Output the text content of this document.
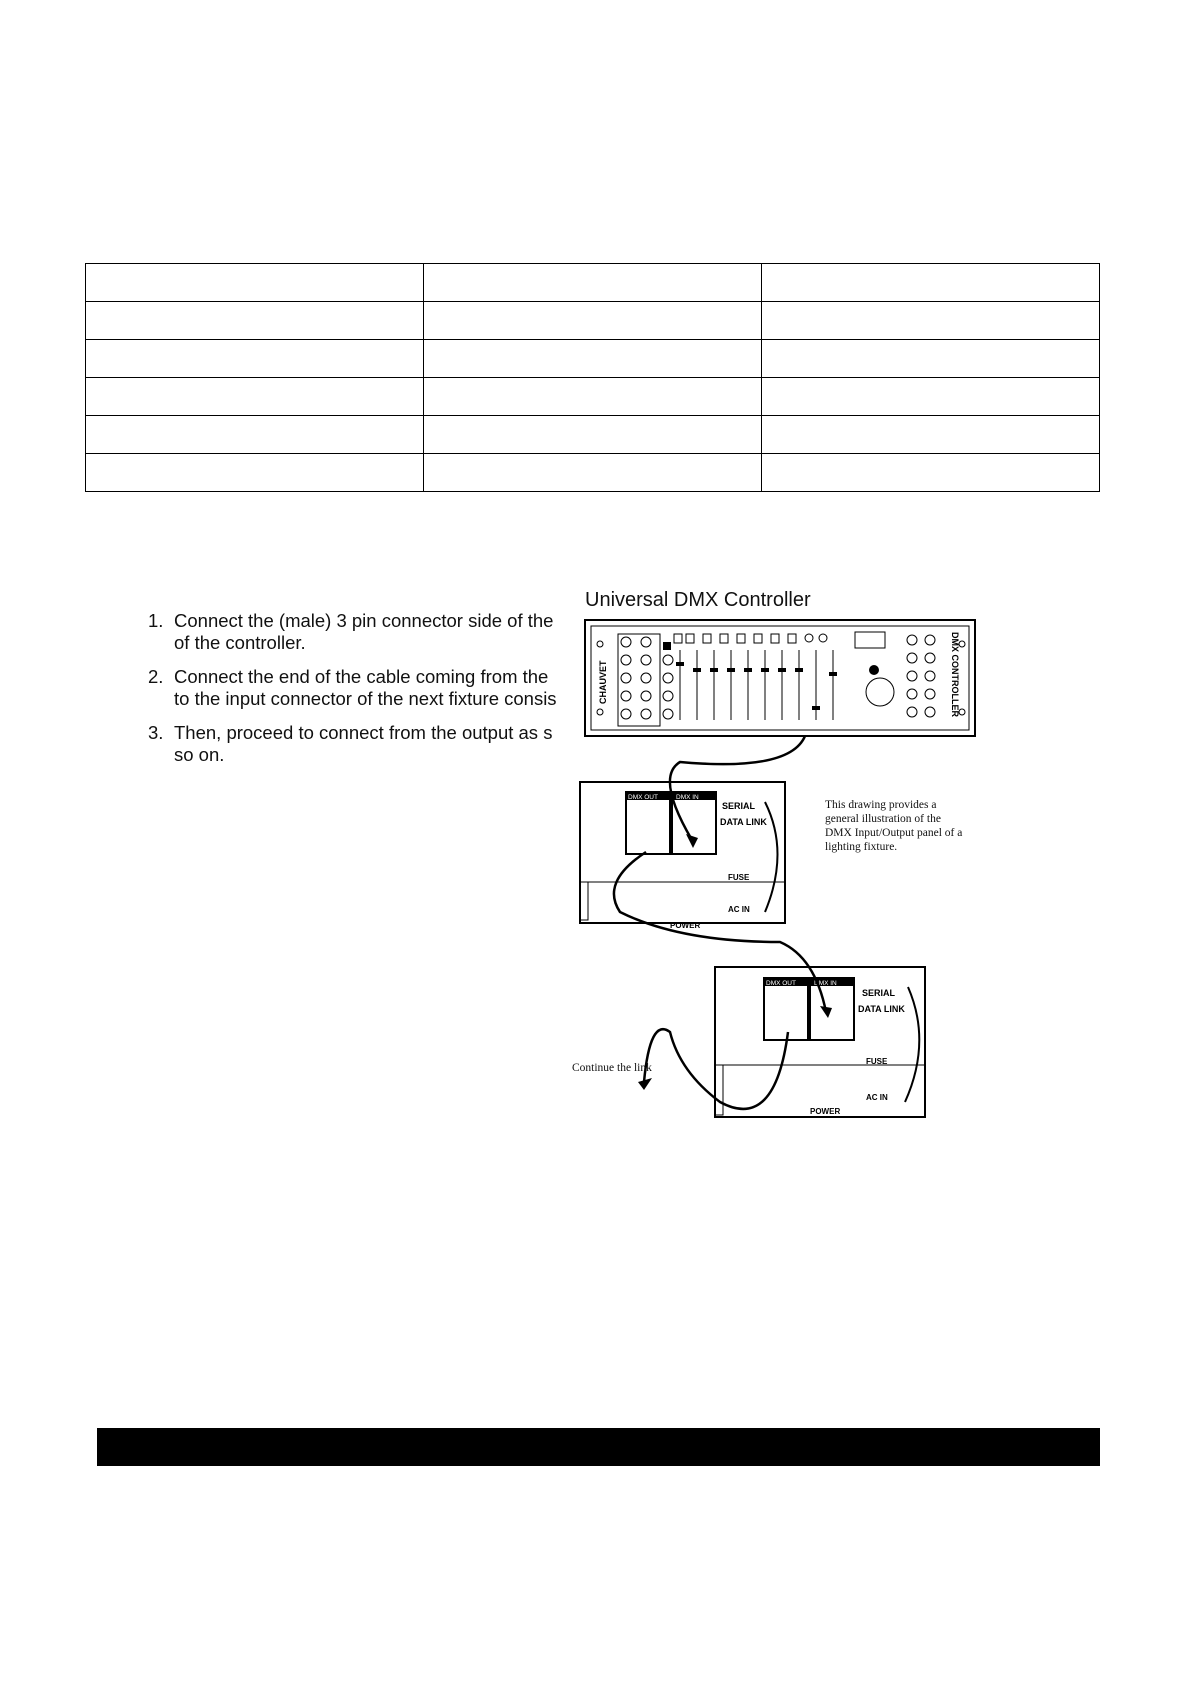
1. Connect the (male) 3 pin connector side of the
of the controller.
2. Connect the end of the cable coming from the
to the input connector of the next fixture consis
3. Then, proceed to connect from the output as s
so on.
Universal DMX Controller
CHAUVET	DMX CONTROLLER
DMX OUT	DMX IN
SERIAL
DATA LINK
FUSE
AC IN
POWER
DMX OUT	DMX IN
SERIAL
DATA LINK
FUSE
AC IN
POWER
This drawing provides a general illustration of the DMX Input/Output panel of a lighting fixture.
Continue the link
